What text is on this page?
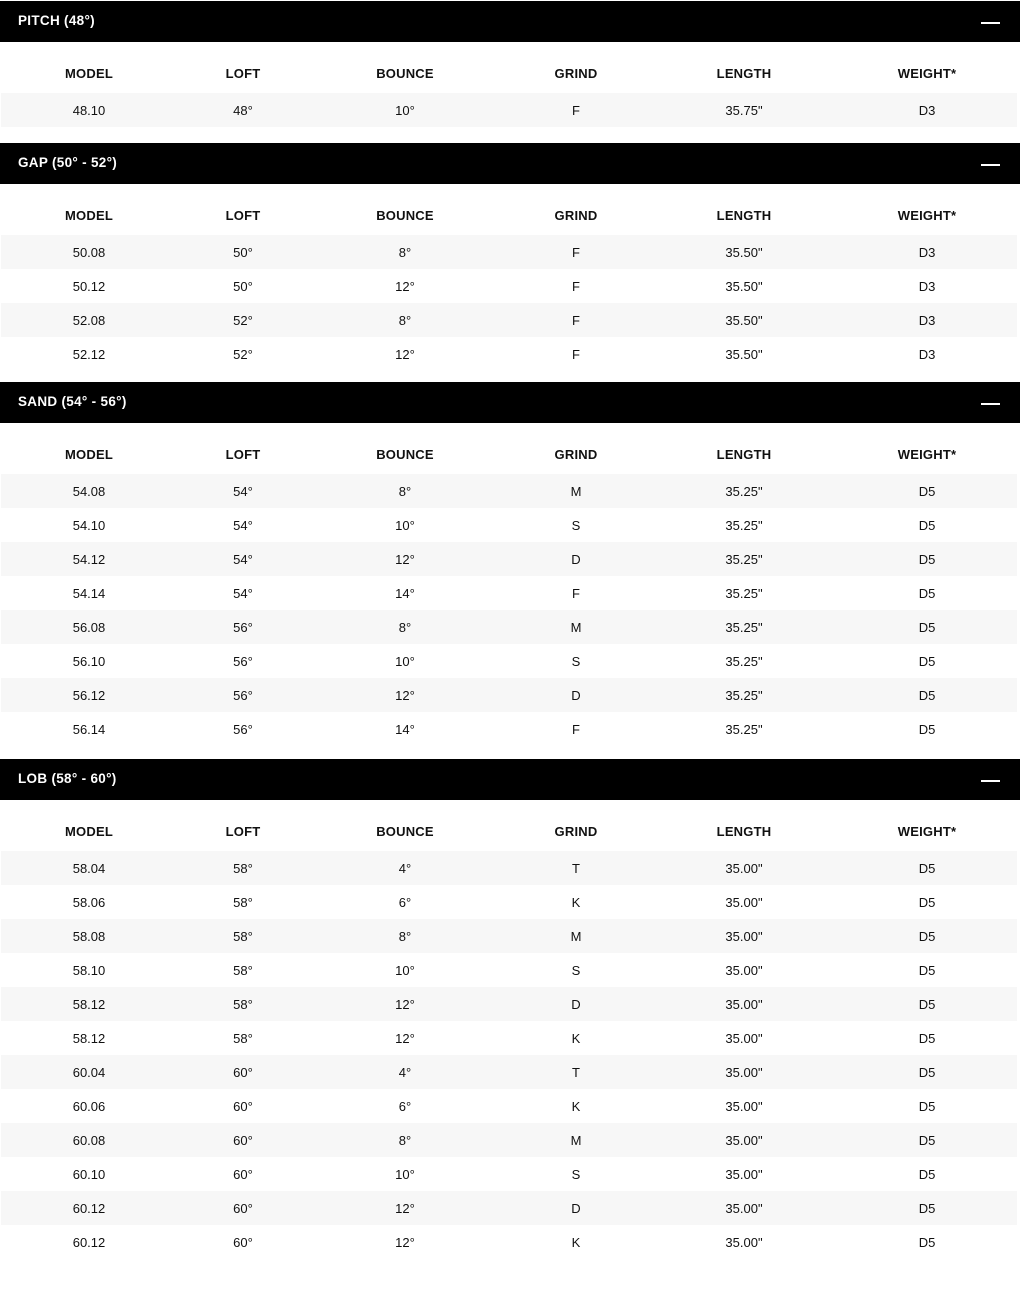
PITCH (48°)
MODEL	LOFT	BOUNCE	GRIND	LENGTH	WEIGHT*
48.10	48°	10°	F	35.75"	D3
GAP (50° - 52°)
MODEL	LOFT	BOUNCE	GRIND	LENGTH	WEIGHT*
50.08	50°	8°	F	35.50"	D3
50.12	50°	12°	F	35.50"	D3
52.08	52°	8°	F	35.50"	D3
52.12	52°	12°	F	35.50"	D3
SAND (54° - 56°)
MODEL	LOFT	BOUNCE	GRIND	LENGTH	WEIGHT*
54.08	54°	8°	M	35.25"	D5
54.10	54°	10°	S	35.25"	D5
54.12	54°	12°	D	35.25"	D5
54.14	54°	14°	F	35.25"	D5
56.08	56°	8°	M	35.25"	D5
56.10	56°	10°	S	35.25"	D5
56.12	56°	12°	D	35.25"	D5
56.14	56°	14°	F	35.25"	D5
LOB (58° - 60°)
MODEL	LOFT	BOUNCE	GRIND	LENGTH	WEIGHT*
58.04	58°	4°	T	35.00"	D5
58.06	58°	6°	K	35.00"	D5
58.08	58°	8°	M	35.00"	D5
58.10	58°	10°	S	35.00"	D5
58.12	58°	12°	D	35.00"	D5
58.12	58°	12°	K	35.00"	D5
60.04	60°	4°	T	35.00"	D5
60.06	60°	6°	K	35.00"	D5
60.08	60°	8°	M	35.00"	D5
60.10	60°	10°	S	35.00"	D5
60.12	60°	12°	D	35.00"	D5
60.12	60°	12°	K	35.00"	D5
